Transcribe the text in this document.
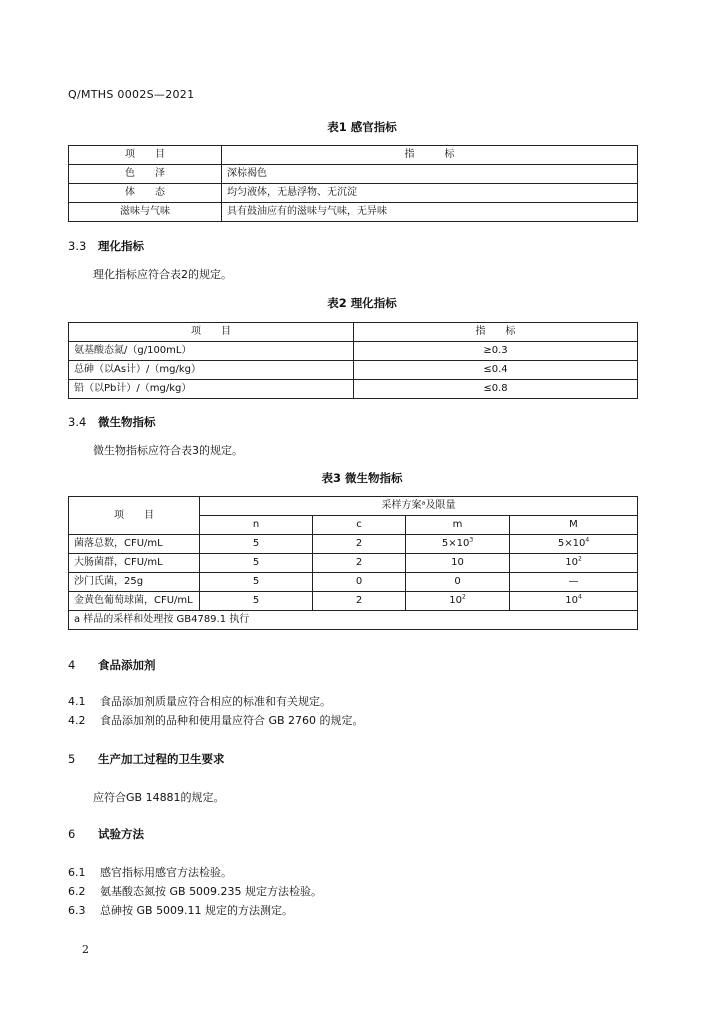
Q/MTHS 0002S—2021
表1 感官指标
项　　目	指　　　标
色　　泽	深棕褐色
体　　态	均匀液体，无悬浮物、无沉淀
滋味与气味	具有鼓油应有的滋味与气味，无异味
3.3 理化指标
理化指标应符合表2的规定。
表2 理化指标
项　　目	指　　标
氨基酸态氮/（g/100mL）	≥0.3
总砷（以As计）/（mg/kg）	≤0.4
铅（以Pb计）/（mg/kg）	≤0.8
3.4 微生物指标
微生物指标应符合表3的规定。
表3 微生物指标
项　　目	采样方案ᵃ及限量			
	n	c	m	M
菌落总数，CFU/mL	5	2	$5\times 10^3$	$5\times 10^4$
大肠菌群，CFU/mL	5	2	10	$10^2$
沙门氏菌，25g	5	0	0	—
金黄色葡萄球菌，CFU/mL	5	2	$10^2$	$10^4$
a 样品的采样和处理按 GB4789.1 执行				
4 食品添加剂
4.1 食品添加剂质量应符合相应的标准和有关规定。
4.2 食品添加剂的品种和使用量应符合 GB 2760 的规定。
5 生产加工过程的卫生要求
应符合GB 14881的规定。
6 试验方法
6.1 感官指标用感官方法检验。
6.2 氨基酸态氮按 GB 5009.235 规定方法检验。
6.3 总砷按 GB 5009.11 规定的方法测定。
2
